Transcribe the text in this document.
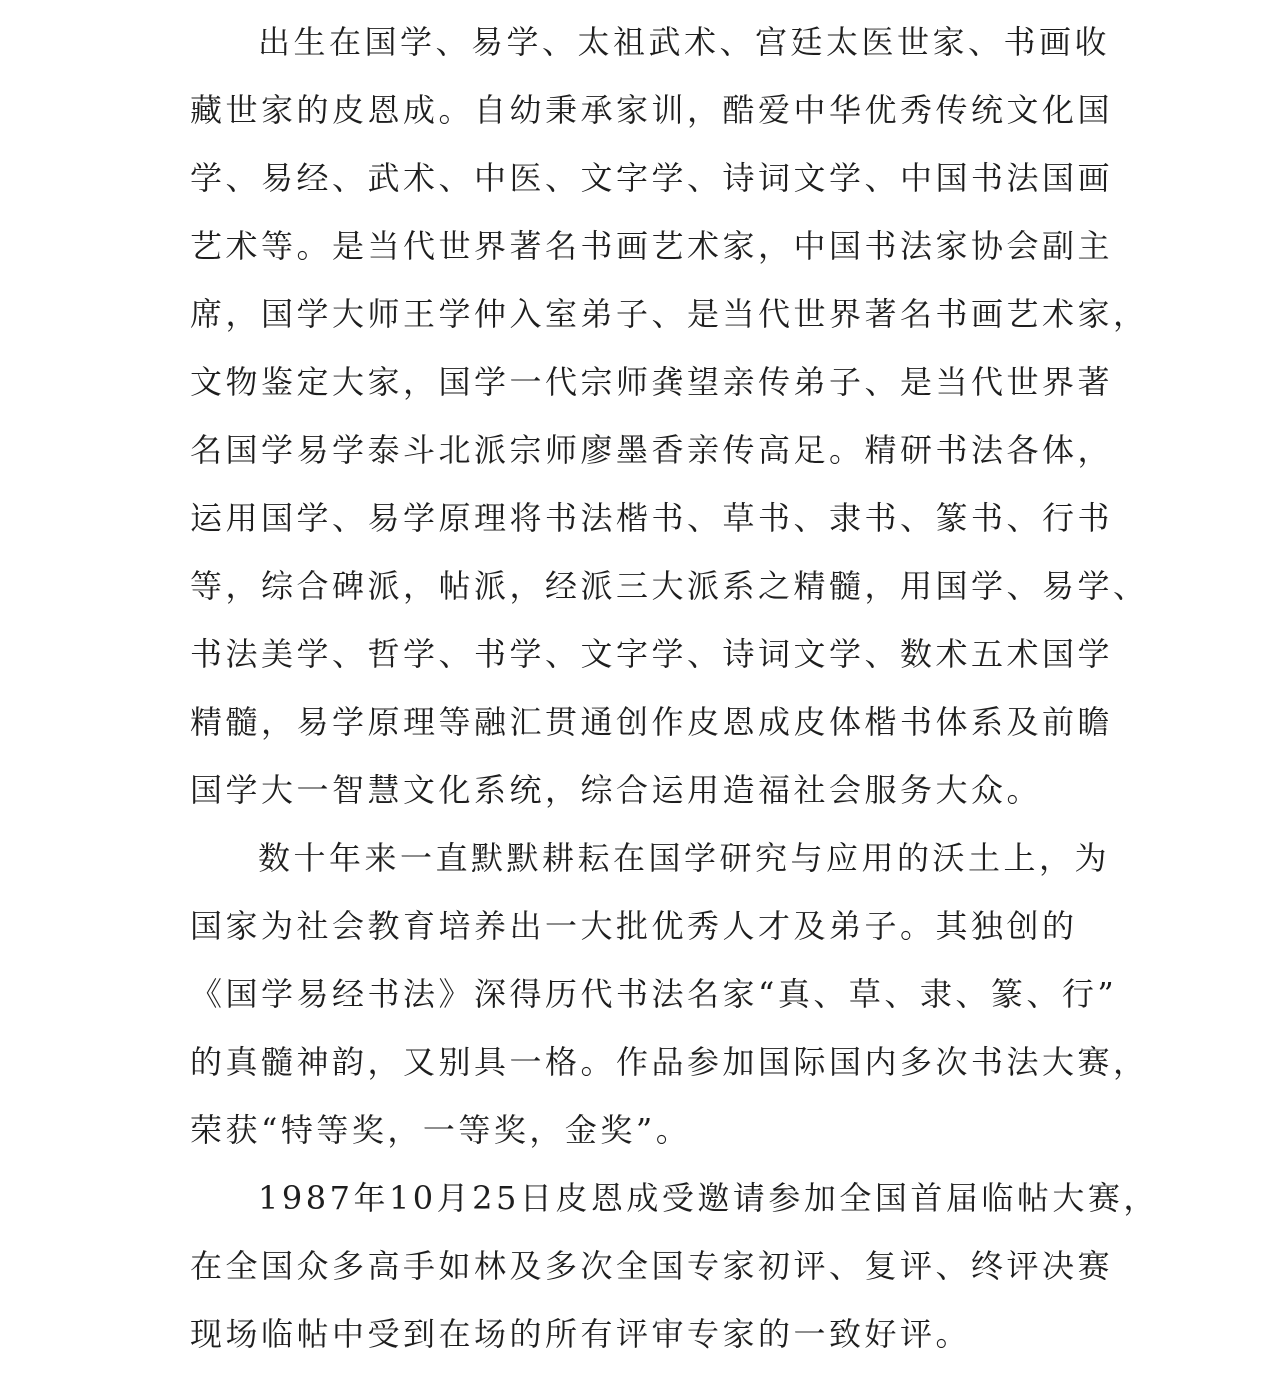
出生在国学、易学、太祖武术、宫廷太医世家、书画收
藏世家的皮恩成。自幼秉承家训，酷爱中华优秀传统文化国
学、易经、武术、中医、文字学、诗词文学、中国书法国画
艺术等。是当代世界著名书画艺术家，中国书法家协会副主
席，国学大师王学仲入室弟子、是当代世界著名书画艺术家，
文物鉴定大家，国学一代宗师龚望亲传弟子、是当代世界著
名国学易学泰斗北派宗师廖墨香亲传高足。精研书法各体，
运用国学、易学原理将书法楷书、草书、隶书、篆书、行书
等，综合碑派，帖派，经派三大派系之精髓，用国学、易学、
书法美学、哲学、书学、文字学、诗词文学、数术五术国学
精髓，易学原理等融汇贯通创作皮恩成皮体楷书体系及前瞻
国学大一智慧文化系统，综合运用造福社会服务大众。
数十年来一直默默耕耘在国学研究与应用的沃土上，为
国家为社会教育培养出一大批优秀人才及弟子。其独创的
《国学易经书法》深得历代书法名家“真、草、隶、篆、行”
的真髓神韵，又别具一格。作品参加国际国内多次书法大赛，
荣获“特等奖，一等奖，金奖”。
1987年10月25日皮恩成受邀请参加全国首届临帖大赛，
在全国众多高手如林及多次全国专家初评、复评、终评决赛
现场临帖中受到在场的所有评审专家的一致好评。
